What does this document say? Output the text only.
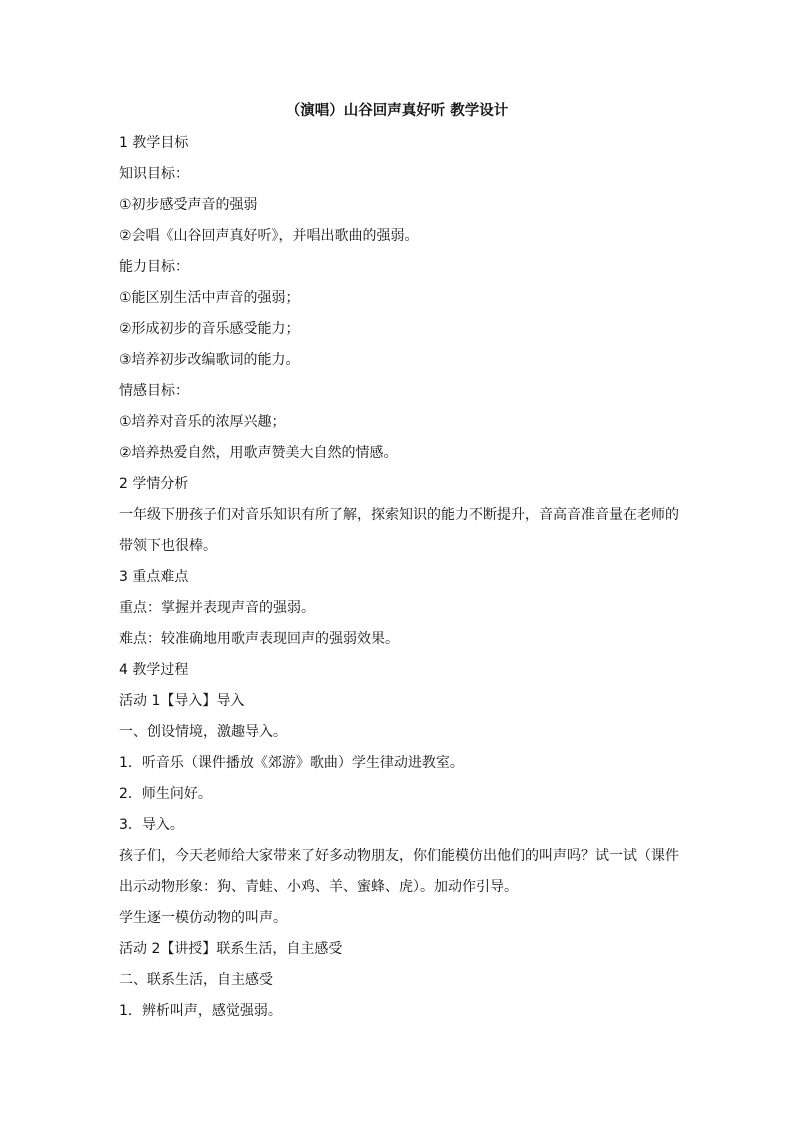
（演唱）山谷回声真好听 教学设计
1 教学目标
知识目标：
①初步感受声音的强弱
②会唱《山谷回声真好听》，并唱出歌曲的强弱。
能力目标：
①能区别生活中声音的强弱；
②形成初步的音乐感受能力；
③培养初步改编歌词的能力。
情感目标：
①培养对音乐的浓厚兴趣；
②培养热爱自然，用歌声赞美大自然的情感。
2 学情分析
一年级下册孩子们对音乐知识有所了解，探索知识的能力不断提升，音高音准音量在老师的
带领下也很棒。
3 重点难点
重点：掌握并表现声音的强弱。
难点：较准确地用歌声表现回声的强弱效果。
4 教学过程
活动 1【导入】导入
一、创设情境，激趣导入。
1．听音乐（课件播放《郊游》歌曲）学生律动进教室。
2．师生问好。
3．导入。
孩子们，今天老师给大家带来了好多动物朋友，你们能模仿出他们的叫声吗？试一试（课件
出示动物形象：狗、青蛙、小鸡、羊、蜜蜂、虎）。加动作引导。
学生逐一模仿动物的叫声。
活动 2【讲授】联系生活，自主感受
二、联系生活，自主感受
1．辨析叫声，感觉强弱。
